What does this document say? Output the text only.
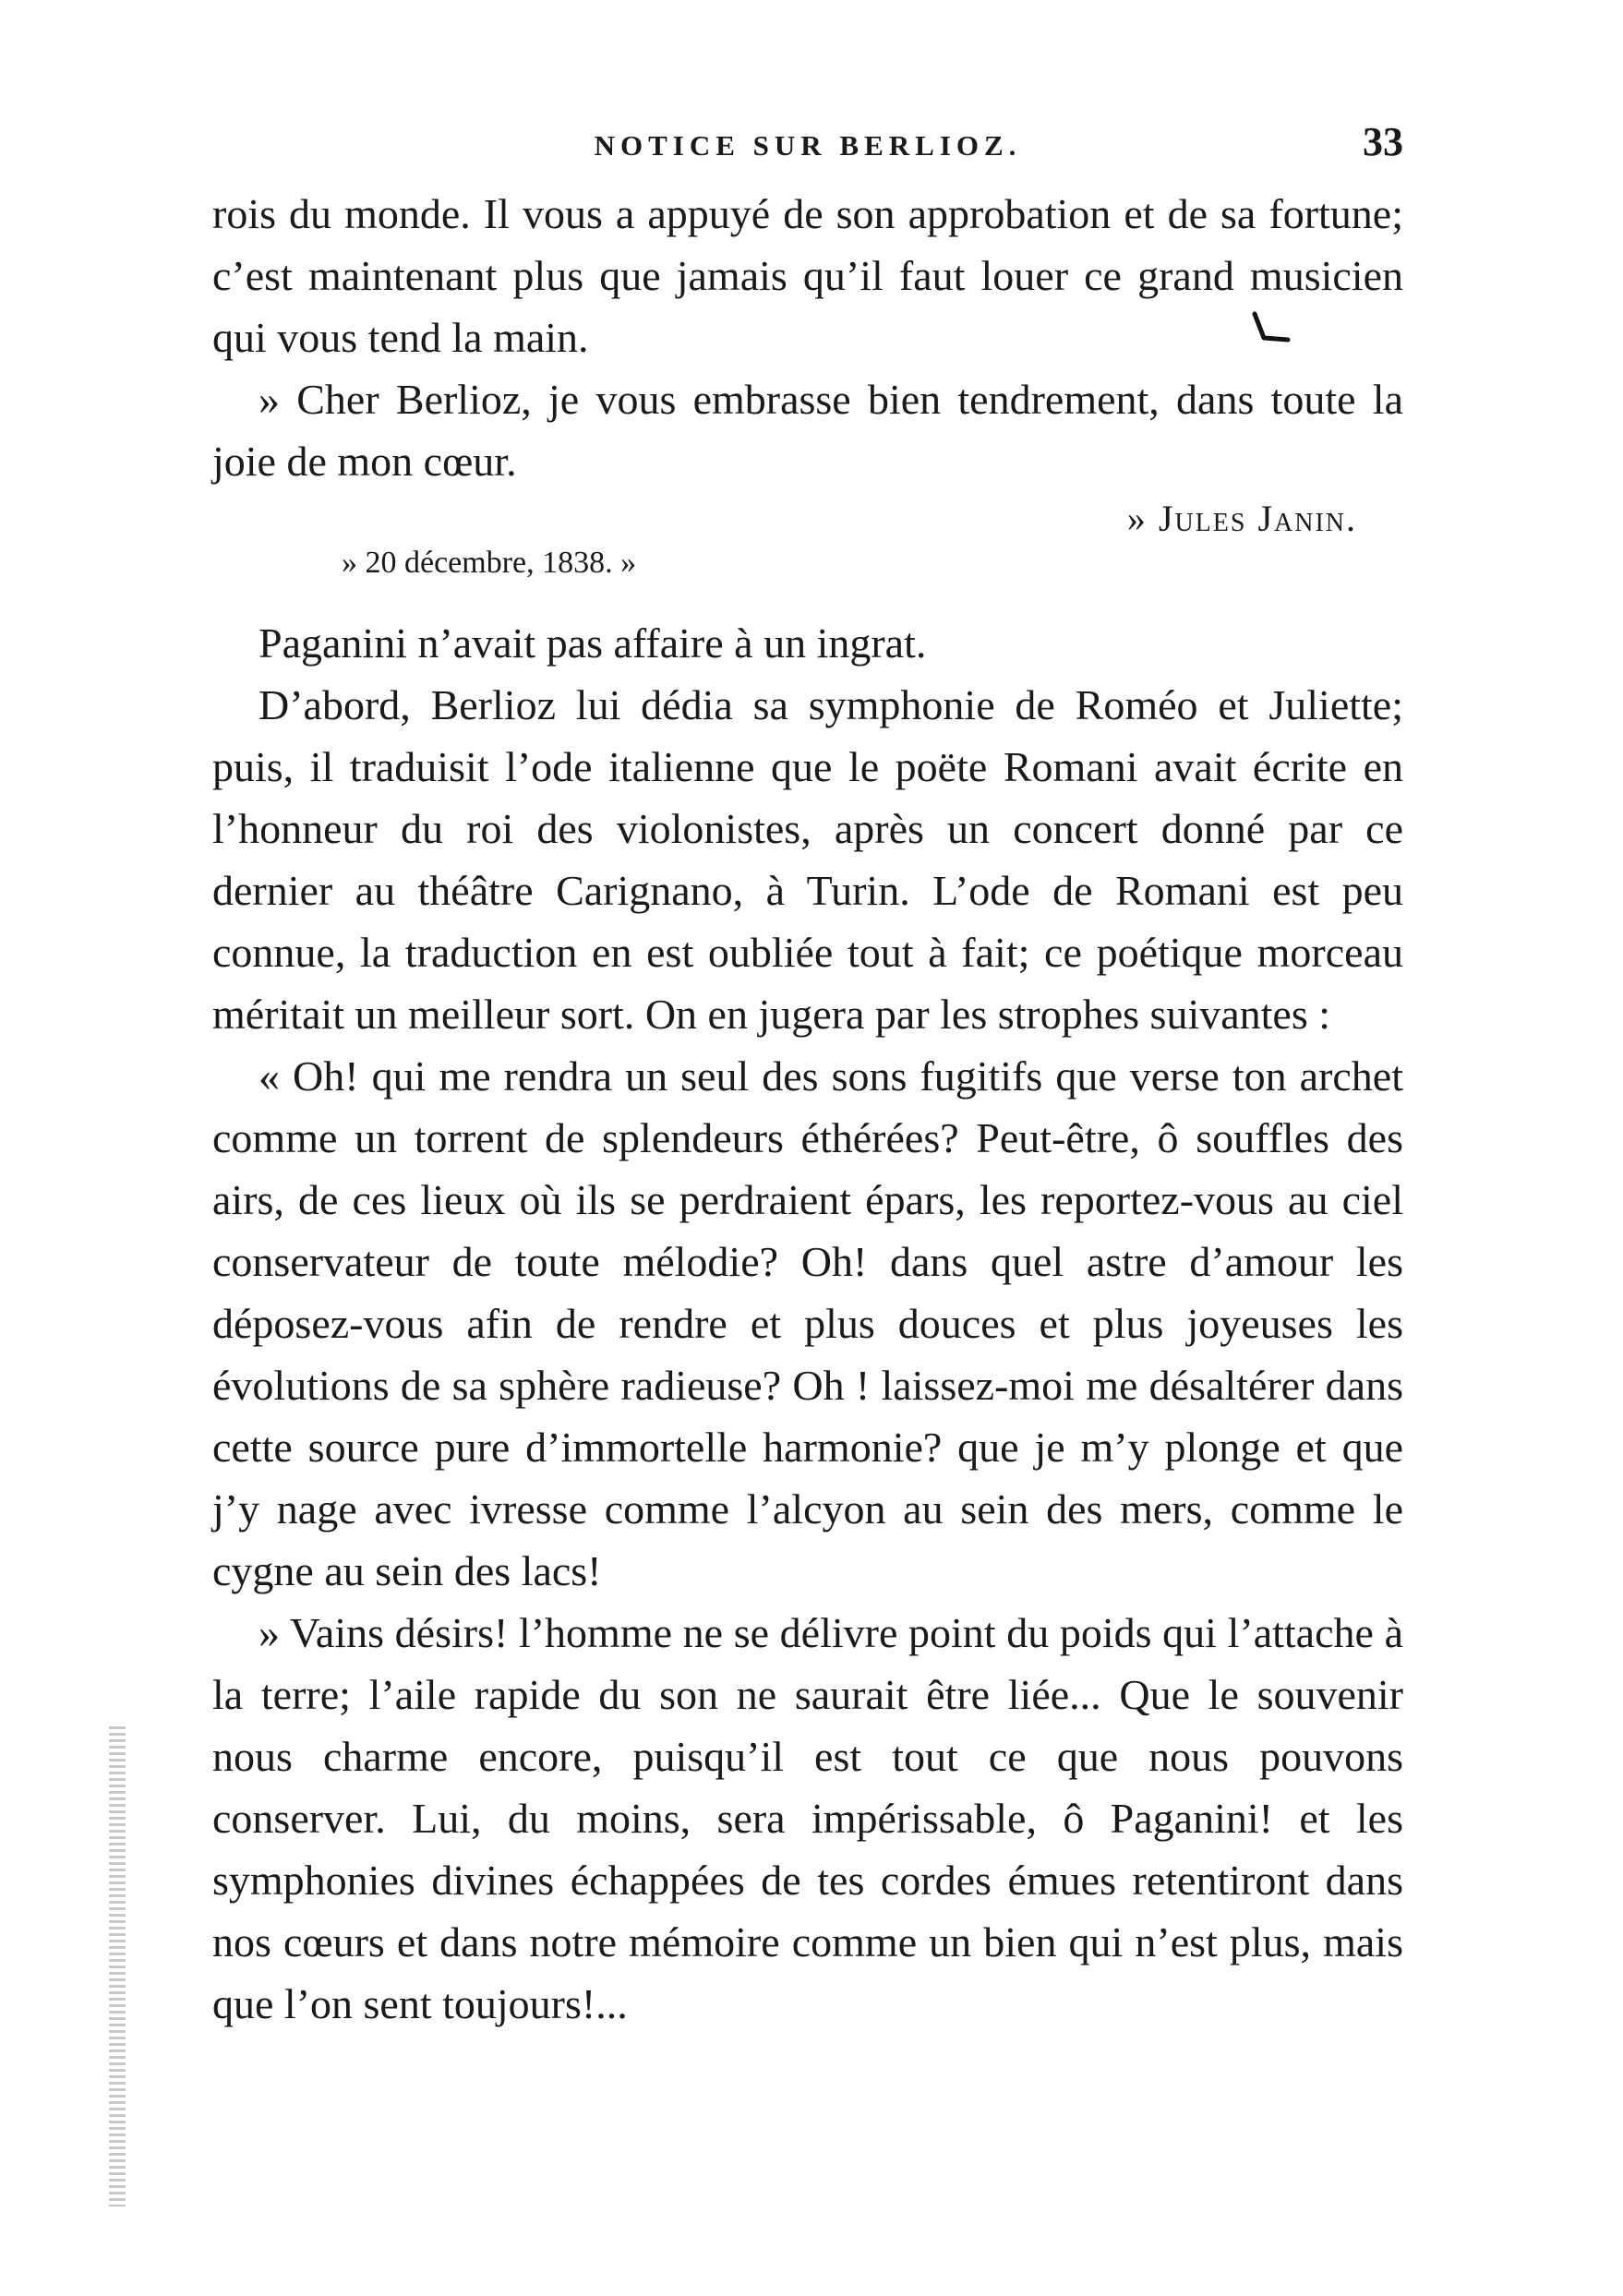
NOTICE SUR BERLIOZ.	33

rois du monde. Il vous a appuyé de son approbation et de sa fortune; c’est maintenant plus que jamais qu’il faut louer ce grand musicien qui vous tend la main.

» Cher Berlioz, je vous embrasse bien tendrement, dans toute la joie de mon cœur.

» Jules Janin.

» 20 décembre, 1838. »

Paganini n’avait pas affaire à un ingrat.

D’abord, Berlioz lui dédia sa symphonie de Roméo et Juliette; puis, il traduisit l’ode italienne que le poëte Romani avait écrite en l’honneur du roi des violonistes, après un concert donné par ce dernier au théâtre Carignano, à Turin. L’ode de Romani est peu connue, la traduction en est oubliée tout à fait; ce poétique morceau méritait un meilleur sort. On en jugera par les strophes suivantes :

« Oh! qui me rendra un seul des sons fugitifs que verse ton archet comme un torrent de splendeurs éthérées? Peut-être, ô souffles des airs, de ces lieux où ils se perdraient épars, les reportez-vous au ciel conservateur de toute mélodie? Oh! dans quel astre d’amour les déposez-vous afin de rendre et plus douces et plus joyeuses les évolutions de sa sphère radieuse? Oh ! laissez-moi me désaltérer dans cette source pure d’immortelle harmonie? que je m’y plonge et que j’y nage avec ivresse comme l’alcyon au sein des mers, comme le cygne au sein des lacs!

» Vains désirs! l’homme ne se délivre point du poids qui l’attache à la terre; l’aile rapide du son ne saurait être liée... Que le souvenir nous charme encore, puisqu’il est tout ce que nous pouvons conserver. Lui, du moins, sera impérissable, ô Paganini! et les symphonies divines échappées de tes cordes émues retentiront dans nos cœurs et dans notre mémoire comme un bien qui n’est plus, mais que l’on sent toujours!...
